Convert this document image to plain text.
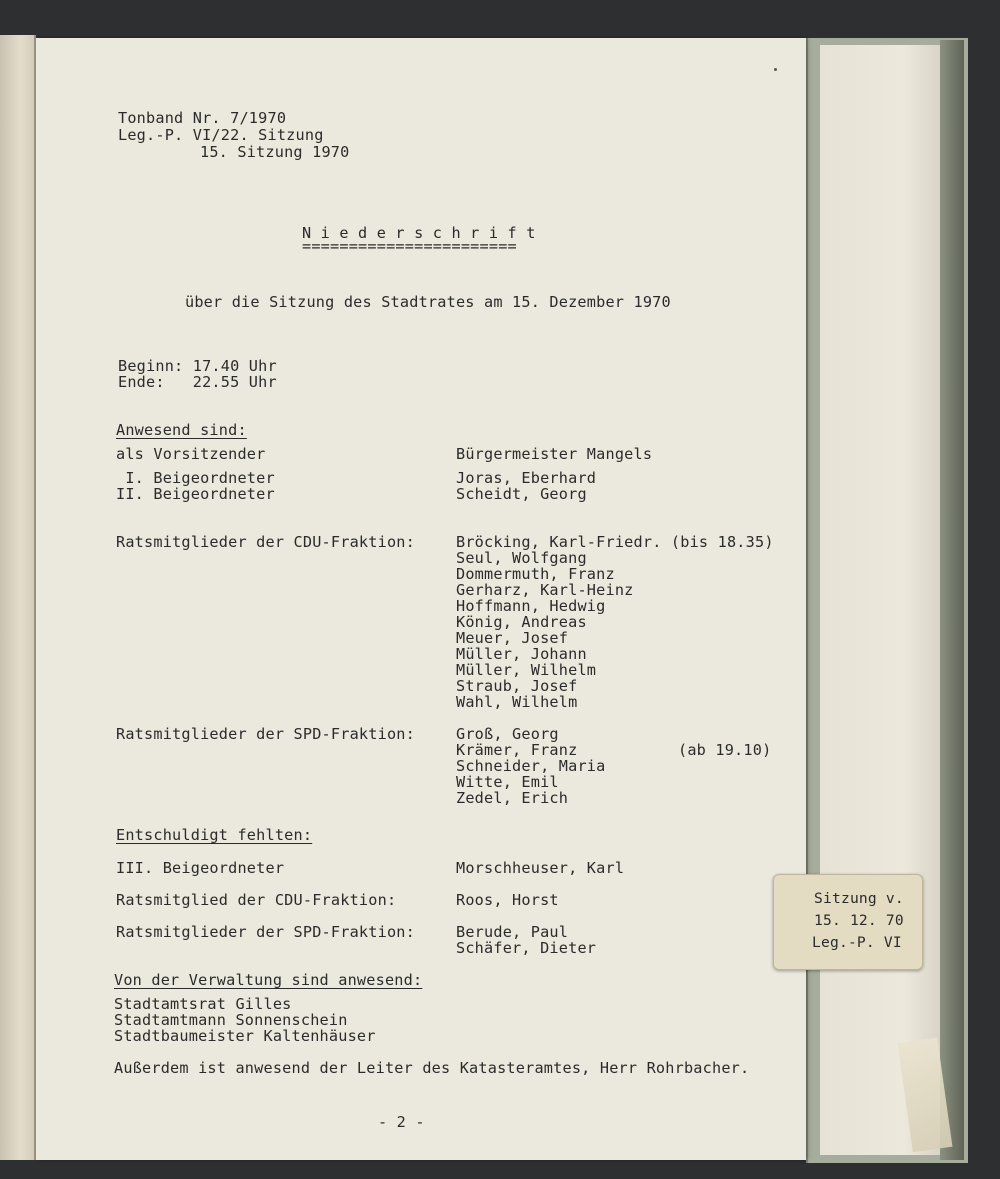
Tonband Nr. 7/1970
Leg.-P. VI/22. Sitzung
15. Sitzung 1970
N i e d e r s c h r i f t
=======================
über die Sitzung des Stadtrates am 15. Dezember 1970
Beginn: 17.40 Uhr
Ende:   22.55 Uhr
Anwesend sind:
als Vorsitzender	Bürgermeister Mangels
I. Beigeordneter	Joras, Eberhard
II. Beigeordneter	Scheidt, Georg
Ratsmitglieder der CDU-Fraktion:	Bröcking, Karl-Friedr. (bis 18.35)
Seul, Wolfgang
Dommermuth, Franz
Gerharz, Karl-Heinz
Hoffmann, Hedwig
König, Andreas
Meuer, Josef
Müller, Johann
Müller, Wilhelm
Straub, Josef
Wahl, Wilhelm
Ratsmitglieder der SPD-Fraktion:	Groß, Georg
Krämer, Franz	(ab 19.10)
Schneider, Maria
Witte, Emil
Zedel, Erich
Entschuldigt fehlten:
III. Beigeordneter	Morschheuser, Karl
Ratsmitglied der CDU-Fraktion:	Roos, Horst
Ratsmitglieder der SPD-Fraktion:	Berude, Paul
Schäfer, Dieter
Von der Verwaltung sind anwesend:
Stadtamtsrat Gilles
Stadtamtmann Sonnenschein
Stadtbaumeister Kaltenhäuser
Außerdem ist anwesend der Leiter des Katasteramtes, Herr Rohrbacher.
- 2 -
Sitzung v.
15. 12. 70
Leg.-P. VI
